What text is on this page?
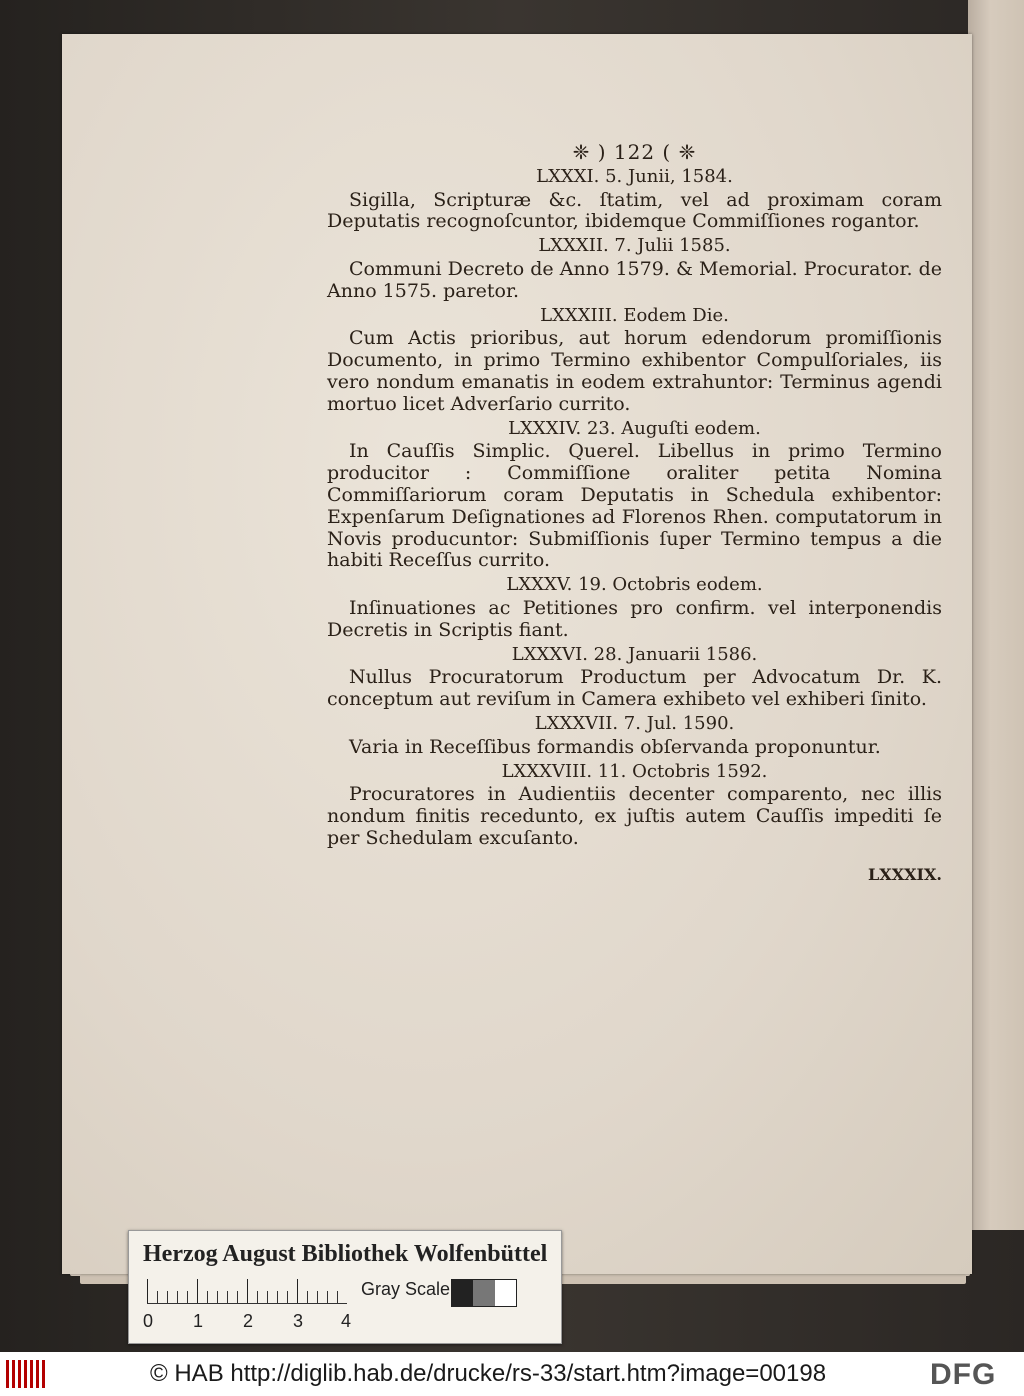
❈ ) 122 ( ❈
LXXXI. 5. Junii, 1584.

Sigilla, Scripturæ &c. ſtatim, vel ad proximam coram Deputatis recognoſcuntor, ibidemque Commiſſiones rogantor.

LXXXII. 7. Julii 1585.

Communi Decreto de Anno 1579. & Memorial. Procurator. de Anno 1575. paretor.

LXXXIII. Eodem Die.

Cum Actis prioribus, aut horum edendorum promiſſionis Documento, in primo Termino exhibentor Compulſoriales, iis vero nondum emanatis in eodem extrahuntor: Terminus agendi mortuo licet Adverſario currito.

LXXXIV. 23. Auguſti eodem.

In Cauſſis Simplic. Querel. Libellus in primo Termino producitor : Commiſſione oraliter petita Nomina Commiſſariorum coram Deputatis in Schedula exhibentor: Expenſarum Deſignationes ad Florenos Rhen. computatorum in Novis producuntor: Submiſſionis ſuper Termino tempus a die habiti Receſſus currito.

LXXXV. 19. Octobris eodem.

Inſinuationes ac Petitiones pro confirm. vel interponendis Decretis in Scriptis fiant.

LXXXVI. 28. Januarii 1586.

Nullus Procuratorum Productum per Advocatum Dr. K. conceptum aut reviſum in Camera exhibeto vel exhiberi ſinito.

LXXXVII. 7. Jul. 1590.

Varia in Receſſibus formandis obſervanda proponuntur.

LXXXVIII. 11. Octobris 1592.

Procuratores in Audientiis decenter comparento, nec illis nondum finitis recedunto, ex juſtis autem Cauſſis impediti ſe per Schedulam excuſanto.

LXXXIX.
Herzog August Bibliothek Wolfenbüttel
0 1 2 3 4
Gray Scale
© HAB http://diglib.hab.de/drucke/rs-33/start.htm?image=00198	DFG
